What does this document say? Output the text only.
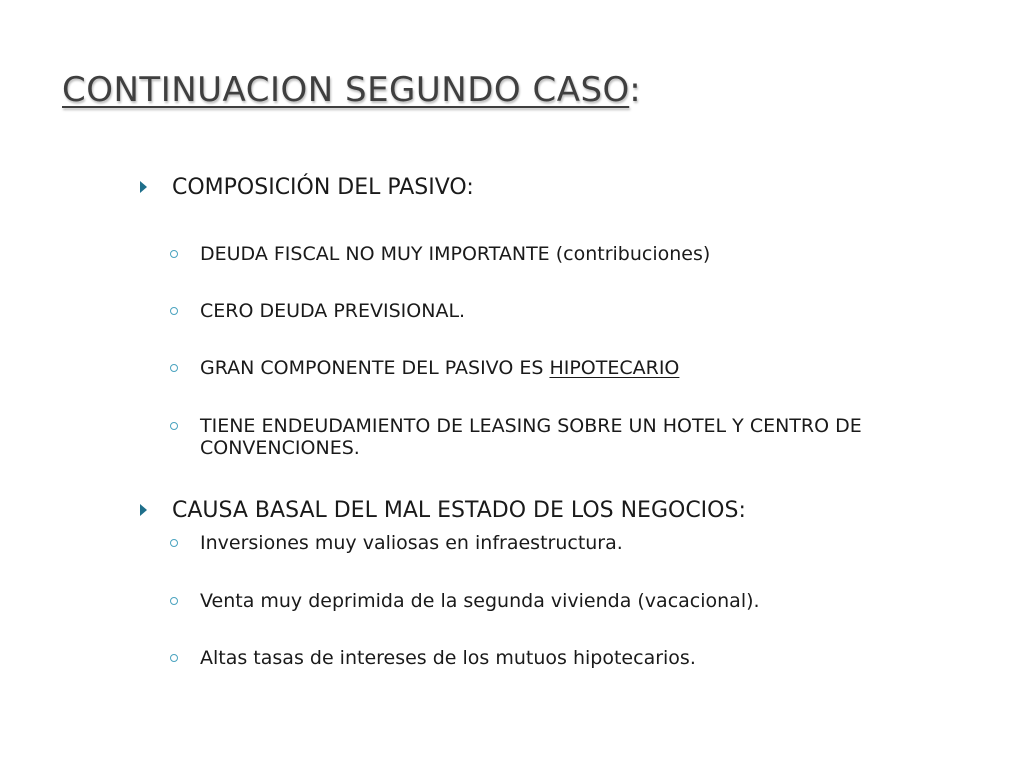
CONTINUACION SEGUNDO CASO:
COMPOSICIÓN DEL PASIVO:
DEUDA FISCAL NO MUY IMPORTANTE (contribuciones)
CERO DEUDA PREVISIONAL.
GRAN COMPONENTE DEL PASIVO ES HIPOTECARIO
TIENE ENDEUDAMIENTO DE LEASING SOBRE UN HOTEL Y CENTRO DE CONVENCIONES.
CAUSA BASAL DEL MAL ESTADO DE LOS NEGOCIOS:
Inversiones muy valiosas en infraestructura.
Venta muy deprimida de la segunda vivienda (vacacional).
Altas tasas de intereses de los mutuos hipotecarios.
